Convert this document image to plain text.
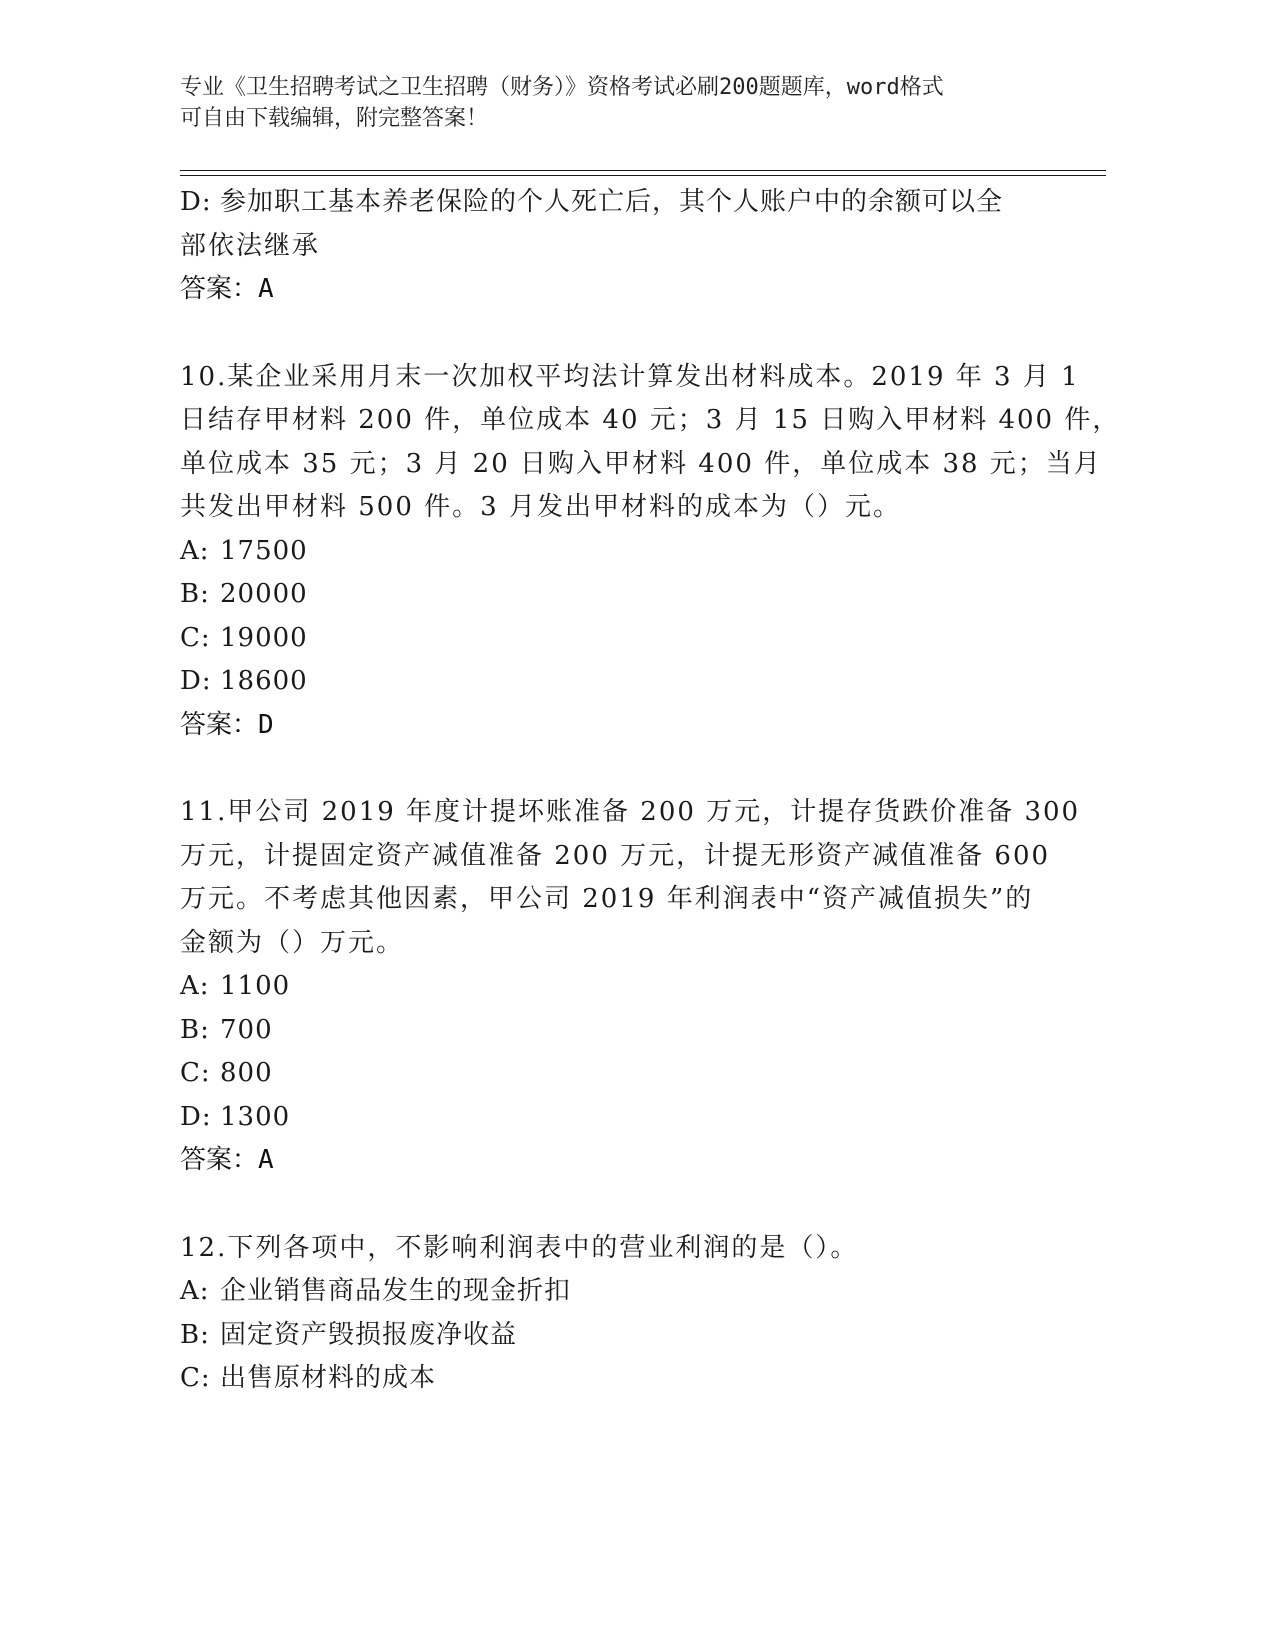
专业《卫生招聘考试之卫生招聘（财务）》资格考试必刷200题题库，word格式
可自由下载编辑，附完整答案！
D: 参加职工基本养老保险的个人死亡后，其个人账户中的余额可以全
部依法继承
答案：A
10.某企业采用月末一次加权平均法计算发出材料成本。2019 年 3 月 1
日结存甲材料 200 件，单位成本 40 元；3 月 15 日购入甲材料 400 件，
单位成本 35 元；3 月 20 日购入甲材料 400 件，单位成本 38 元；当月
共发出甲材料 500 件。3 月发出甲材料的成本为（）元。
A: 17500
B: 20000
C: 19000
D: 18600
答案：D
11.甲公司 2019 年度计提坏账准备 200 万元，计提存货跌价准备 300
万元，计提固定资产减值准备 200 万元，计提无形资产减值准备 600
万元。不考虑其他因素，甲公司 2019 年利润表中“资产减值损失”的
金额为（）万元。
A: 1100
B: 700
C: 800
D: 1300
答案：A
12.下列各项中，不影响利润表中的营业利润的是（）。
A: 企业销售商品发生的现金折扣
B: 固定资产毁损报废净收益
C: 出售原材料的成本
